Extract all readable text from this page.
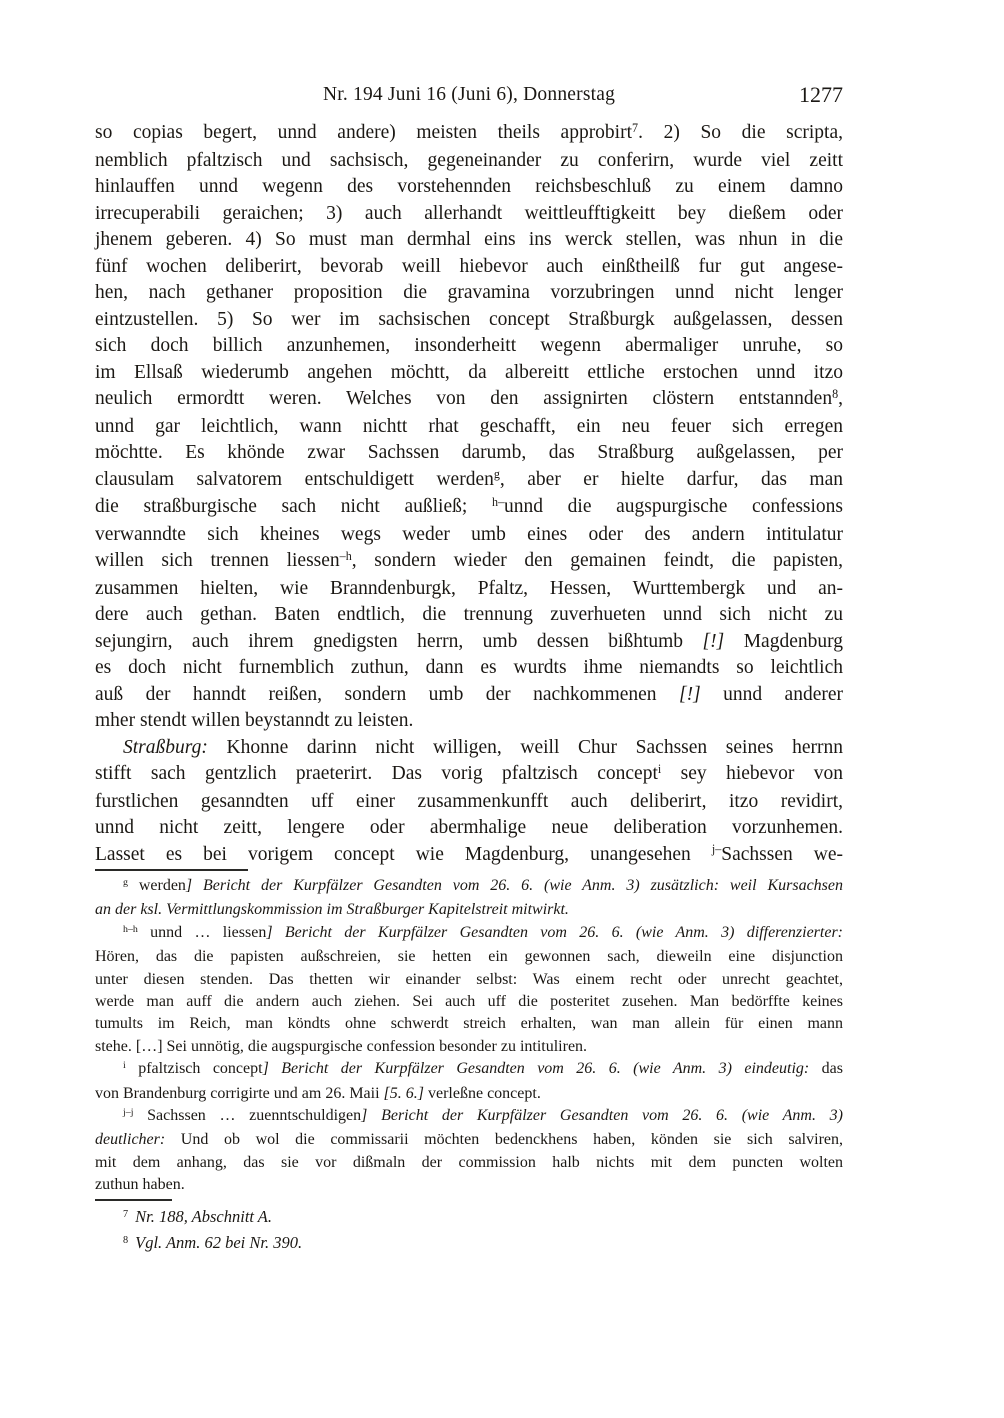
Nr. 194 Juni 16 (Juni 6), Donnerstag	1277
so copias begert, unnd andere) meisten theils approbirt$^7$. 2) So die scripta,
nemblich pfaltzisch und sachsisch, gegeneinander zu conferirn, wurde viel zeitt
hinlauffen unnd wegenn des vorstehennden reichsbeschluß zu einem damno
irrecuperabili geraichen; 3) auch allerhandt weittleufftigkeitt bey dießem oder
jhenem geberen. 4) So must man dermhal eins ins werck stellen, was nhun in die
fünf wochen deliberirt, bevorab weill hiebevor auch einßtheilß fur gut angese-
hen, nach gethaner proposition die gravamina vorzubringen unnd nicht lenger
eintzustellen. 5) So wer im sachsischen concept Straßburgk außgelassen, dessen
sich doch billich anzunhemen, insonderheitt wegenn abermaliger unruhe, so
im Ellsaß wiederumb angehen möchtt, da albereitt ettliche erstochen unnd itzo
neulich ermordtt weren. Welches von den assignirten clöstern entstannden$^8$,
unnd gar leichtlich, wann nichtt rhat geschafft, ein neu feuer sich erregen
möchtte. Es khönde zwar Sachssen darumb, das Straßburg außgelassen, per
clausulam salvatorem entschuldigett werden$^g$, aber er hielte darfur, das man
die straßburgische sach nicht außließ; $^{h-}$unnd die augspurgische confessions
verwanndte sich kheines wegs weder umb eines oder des andern intitulatur
willen sich trennen liessen$^{-h}$, sondern wieder den gemainen feindt, die papisten,
zusammen hielten, wie Branndenburgk, Pfaltz, Hessen, Wurttembergk und an-
dere auch gethan. Baten endtlich, die trennung zuverhueten unnd sich nicht zu
sejungirn, auch ihrem gnedigsten herrn, umb dessen bißhtumb [!] Magdenburg
es doch nicht furnemblich zuthun, dann es wurdts ihme niemandts so leichtlich
auß der hanndt reißen, sondern umb der nachkommenen [!] unnd anderer
mher stendt willen beystanndt zu leisten.
Straßburg: Khonne darinn nicht willigen, weill Chur Sachssen seines herrnn
stifft sach gentzlich praeterirt. Das vorig pfaltzisch concept$^i$ sey hiebevor von
furstlichen gesanndten uff einer zusammenkunfft auch deliberirt, itzo revidirt,
unnd nicht zeitt, lengere oder abermhalige neue deliberation vorzunhemen.
Lasset es bei vorigem concept wie Magdenburg, unangesehen $^{j-}$Sachssen we-
$^g$ werden] Bericht der Kurpfälzer Gesandten vom 26. 6. (wie Anm. 3) zusätzlich: weil Kursachsen
an der ksl. Vermittlungskommission im Straßburger Kapitelstreit mitwirkt.
$^{h-h}$ unnd … liessen] Bericht der Kurpfälzer Gesandten vom 26. 6. (wie Anm. 3) differenzierter:
Hören, das die papisten außschreien, sie hetten ein gewonnen sach, dieweiln eine disjunction
unter diesen stenden. Das thetten wir einander selbst: Was einem recht oder unrecht geachtet,
werde man auff die andern auch ziehen. Sei auch uff die posteritet zusehen. Man bedörffte keines
tumults im Reich, man köndts ohne schwerdt streich erhalten, wan man allein für einen mann
stehe. […] Sei unnötig, die augspurgische confession besonder zu intituliren.
$^i$ pfaltzisch concept] Bericht der Kurpfälzer Gesandten vom 26. 6. (wie Anm. 3) eindeutig: das
von Brandenburg corrigirte und am 26. Maii [5. 6.] verleßne concept.
$^{j-j}$ Sachssen … zuenntschuldigen] Bericht der Kurpfälzer Gesandten vom 26. 6. (wie Anm. 3)
deutlicher: Und ob wol die commissarii möchten bedenckhens haben, könden sie sich salviren,
mit dem anhang, das sie vor dißmaln der commission halb nichts mit dem puncten wolten
zuthun haben.
$^7$ Nr. 188, Abschnitt A.
$^8$ Vgl. Anm. 62 bei Nr. 390.
